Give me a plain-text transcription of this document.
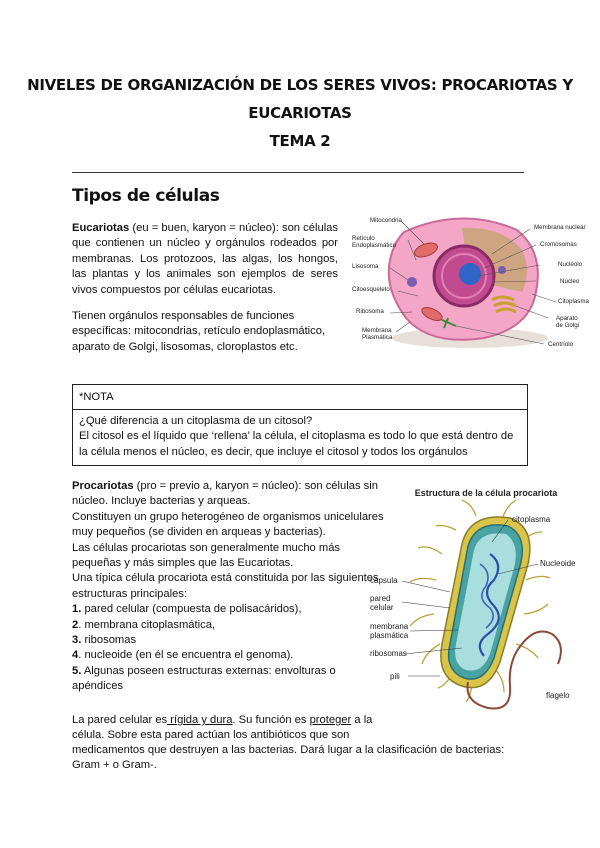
NIVELES DE ORGANIZACIÓN DE LOS SERES VIVOS: PROCARIOTAS Y
EUCARIOTAS
TEMA 2
Tipos de células
Eucariotas (eu = buen, karyon = núcleo): son células que contienen un núcleo y orgánulos rodeados por membranas. Los protozoos, las algas, los hongos, las plantas y los animales son ejemplos de seres vivos compuestos por células eucariotas.
Tienen orgánulos responsables de funciones específicas: mitocondrias, retículo endoplasmático, aparato de Golgi, lisosomas, cloroplastos etc.
Mitocondria
Retículo
Endoplasmático
Lisosoma
Citoesqueleto
Ribosoma
Membrana
Plasmática
Membrana nuclear
Cromosomas
Nucléolo
Núcleo
Citoplasma
Aparato
de Golgi
Centríolo
*NOTA
¿Qué diferencia a un citoplasma de un citosol?
El citosol es el líquido que ‘rellena’ la célula, el citoplasma es todo lo que está dentro de la célula menos el núcleo, es decir, que incluye el citosol y todos los orgánulos
Procariotas (pro = previo a, karyon = núcleo): son células sin núcleo. Incluye bacterias y arqueas.
Constituyen un grupo heterogéneo de organismos unicelulares muy pequeños (se dividen en arqueas y bacterias).
Las células procariotas son generalmente mucho más pequeñas y más simples que las Eucariotas.
Una típica célula procariota está constituida por las siguientes estructuras principales:
1. pared celular (compuesta de polisacáridos),
2. membrana citoplasmática,
3. ribosomas
4. nucleoide (en él se encuentra el genoma).
5. Algunas poseen estructuras externas: envolturas o apéndices
Estructura de la célula procariota
citoplasma
Nucleoide
cápsula
pared
celular
membrana
plasmática
ribosomas
pili
flagelo
La pared celular es rígida y dura. Su función es proteger a la célula. Sobre esta pared actúan los antibióticos que son
medicamentos que destruyen a las bacterias. Dará lugar a la clasificación de bacterias:
Gram + o Gram-.
